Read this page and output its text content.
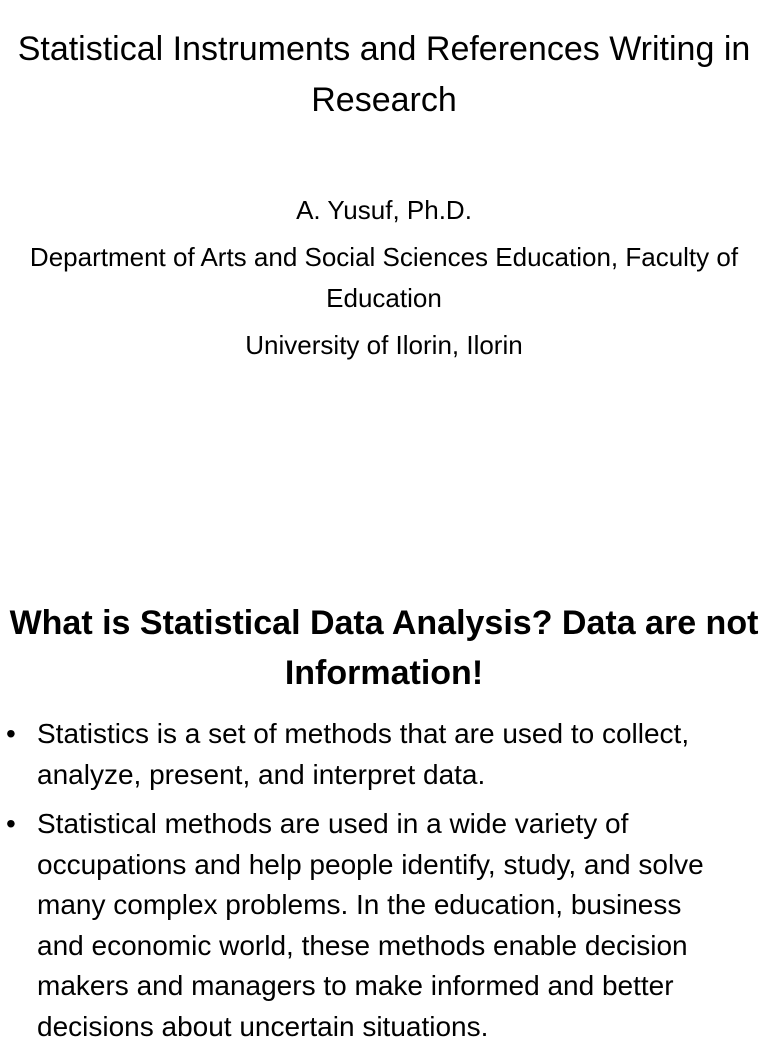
Statistical Instruments and References Writing in Research

A. Yusuf, Ph.D.

Department of Arts and Social Sciences Education, Faculty of Education

University of Ilorin, Ilorin

What is Statistical Data Analysis? Data are not Information!
• Statistics is a set of methods that are used to collect, analyze, present, and interpret data.
• Statistical methods are used in a wide variety of occupations and help people identify, study, and solve many complex problems. In the education, business and economic world, these methods enable decision makers and managers to make informed and better decisions about uncertain situations.
